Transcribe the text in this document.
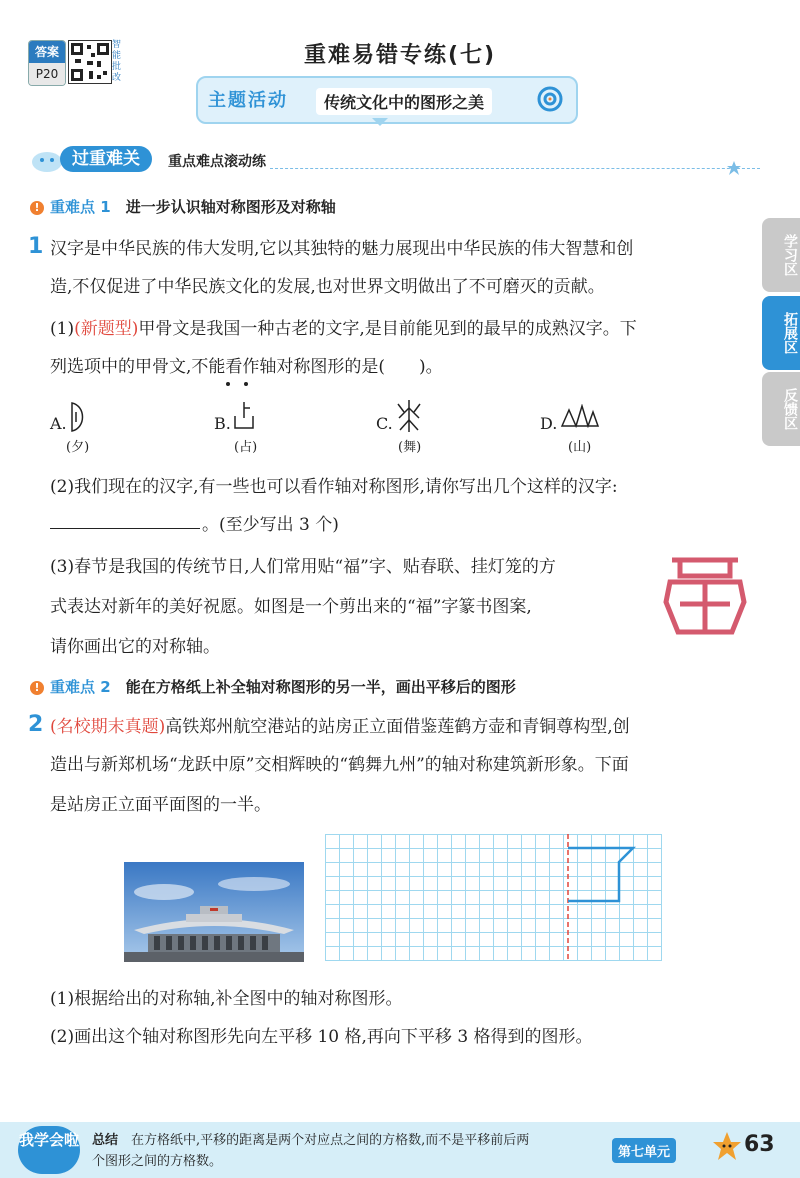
答案
P20
智能批改
重难易错专练(七)
主题活动	传统文化中的图形之美
过重难关	重点难点滚动练
学习区
拓展区
反馈区
! 重难点 1　 进一步认识轴对称图形及对称轴
1 汉字是中华民族的伟大发明,它以其独特的魅力展现出中华民族的伟大智慧和创
造,不仅促进了中华民族文化的发展,也对世界文明做出了不可磨灭的贡献。
(1)(新题型)甲骨文是我国一种古老的文字,是目前能见到的最早的成熟汉字。下
列选项中的甲骨文,不能看作轴对称图形的是(　　)。
A.
(夕)
B.
(占)
C.
(舞)
D.
(山)
(2)我们现在的汉字,有一些也可以看作轴对称图形,请你写出几个这样的汉字:
。(至少写出 3 个)
(3)春节是我国的传统节日,人们常用贴“福”字、贴春联、挂灯笼的方
式表达对新年的美好祝愿。如图是一个剪出来的“福”字篆书图案,
请你画出它的对称轴。
! 重难点 2　 能在方格纸上补全轴对称图形的另一半，画出平移后的图形
2 (名校期末真题)高铁郑州航空港站的站房正立面借鉴莲鹤方壶和青铜尊构型,创
造出与新郑机场“龙跃中原”交相辉映的“鹤舞九州”的轴对称建筑新形象。下面
是站房正立面平面图的一半。
(1)根据给出的对称轴,补全图中的轴对称图形。
(2)画出这个轴对称图形先向左平移 10 格,再向下平移 3 格得到的图形。
我学会啦 总结　 在方格纸中,平移的距离是两个对应点之间的方格数,而不是平移前后两
个图形之间的方格数。
第七单元	63
